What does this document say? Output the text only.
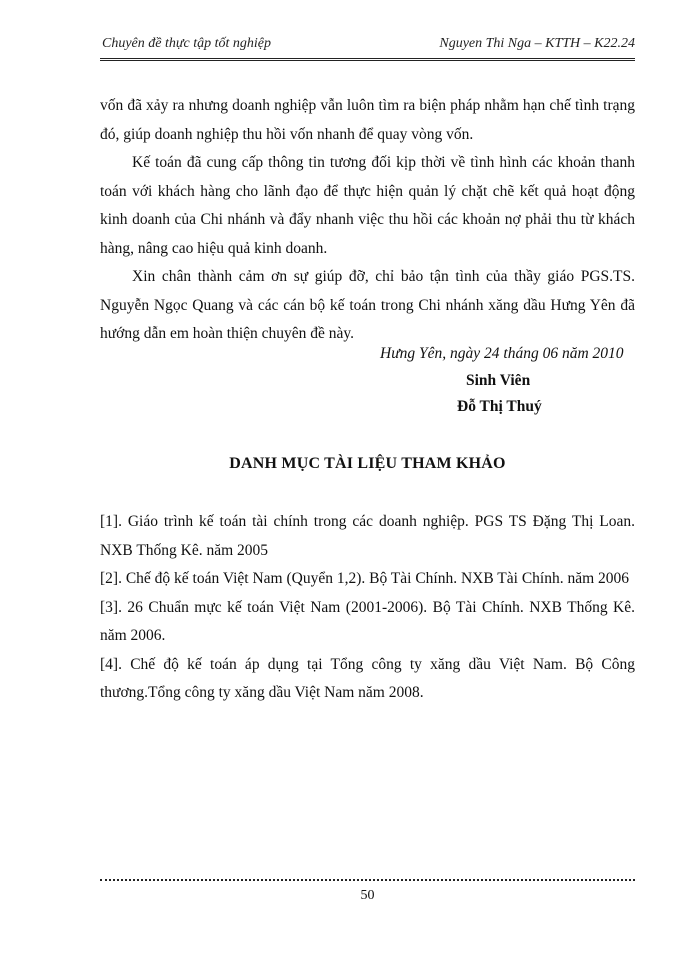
Chuyên đề thực tập tốt nghiệp	Nguyen Thi Nga – KTTH – K22.24

vốn đã xảy ra nhưng doanh nghiệp vẫn luôn tìm ra biện pháp nhằm hạn chế tình trạng đó, giúp doanh nghiệp thu hồi vốn nhanh để quay vòng vốn.

Kế toán đã cung cấp thông tin tương đối kịp thời về tình hình các khoản thanh toán với khách hàng cho lãnh đạo để thực hiện quản lý chặt chẽ kết quả hoạt động kinh doanh của Chi nhánh và đẩy nhanh việc thu hồi các khoản nợ phải thu từ khách hàng, nâng cao hiệu quả kinh doanh.

Xin chân thành cảm ơn sự giúp đỡ, chỉ bảo tận tình của thầy giáo PGS.TS. Nguyễn Ngọc Quang và các cán bộ kế toán trong Chi nhánh xăng dầu Hưng Yên đã hướng dẫn em hoàn thiện chuyên đề này.

Hưng Yên, ngày 24 tháng 06 năm 2010
Sinh Viên
Đỗ Thị Thuý
DANH MỤC TÀI LIỆU THAM KHẢO

[1]. Giáo trình kế toán tài chính trong các doanh nghiệp. PGS TS Đặng Thị Loan. NXB Thống Kê. năm 2005

[2]. Chế độ kế toán Việt Nam (Quyển 1,2). Bộ Tài Chính. NXB Tài Chính. năm 2006

[3]. 26 Chuẩn mực kế toán Việt Nam (2001-2006). Bộ Tài Chính. NXB Thống Kê. năm 2006.

[4]. Chế độ kế toán áp dụng tại Tổng công ty xăng dầu Việt Nam. Bộ Công thương.Tổng công ty xăng dầu Việt Nam năm 2008.

50
